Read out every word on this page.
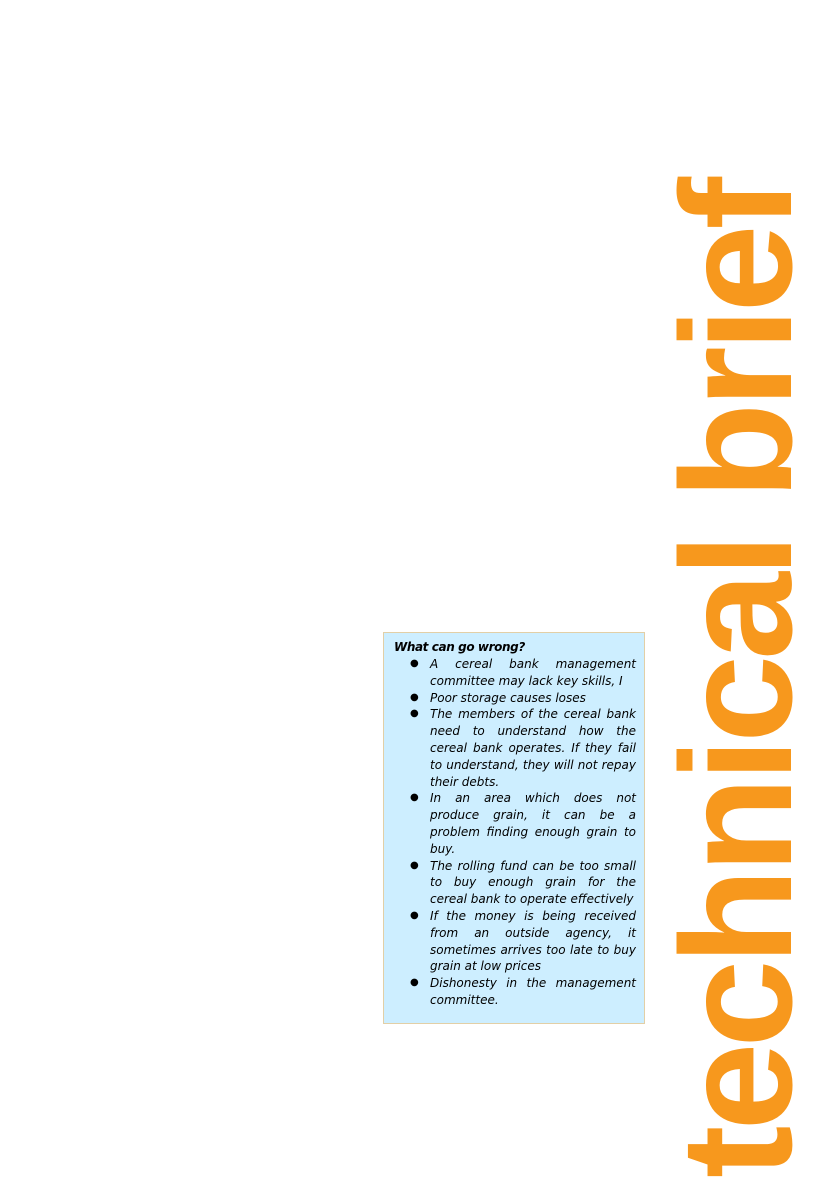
What can go wrong?
● A cereal bank management committee may lack key skills, I
● Poor storage causes loses
● The members of the cereal bank need to understand how the cereal bank operates. If they fail to understand, they will not repay their debts.
● In an area which does not produce grain, it can be a problem finding enough grain to buy.
● The rolling fund can be too small to buy enough grain for the cereal bank to operate effectively
● If the money is being received from an outside agency, it sometimes arrives too late to buy grain at low prices
● Dishonesty in the management committee. technical brief
